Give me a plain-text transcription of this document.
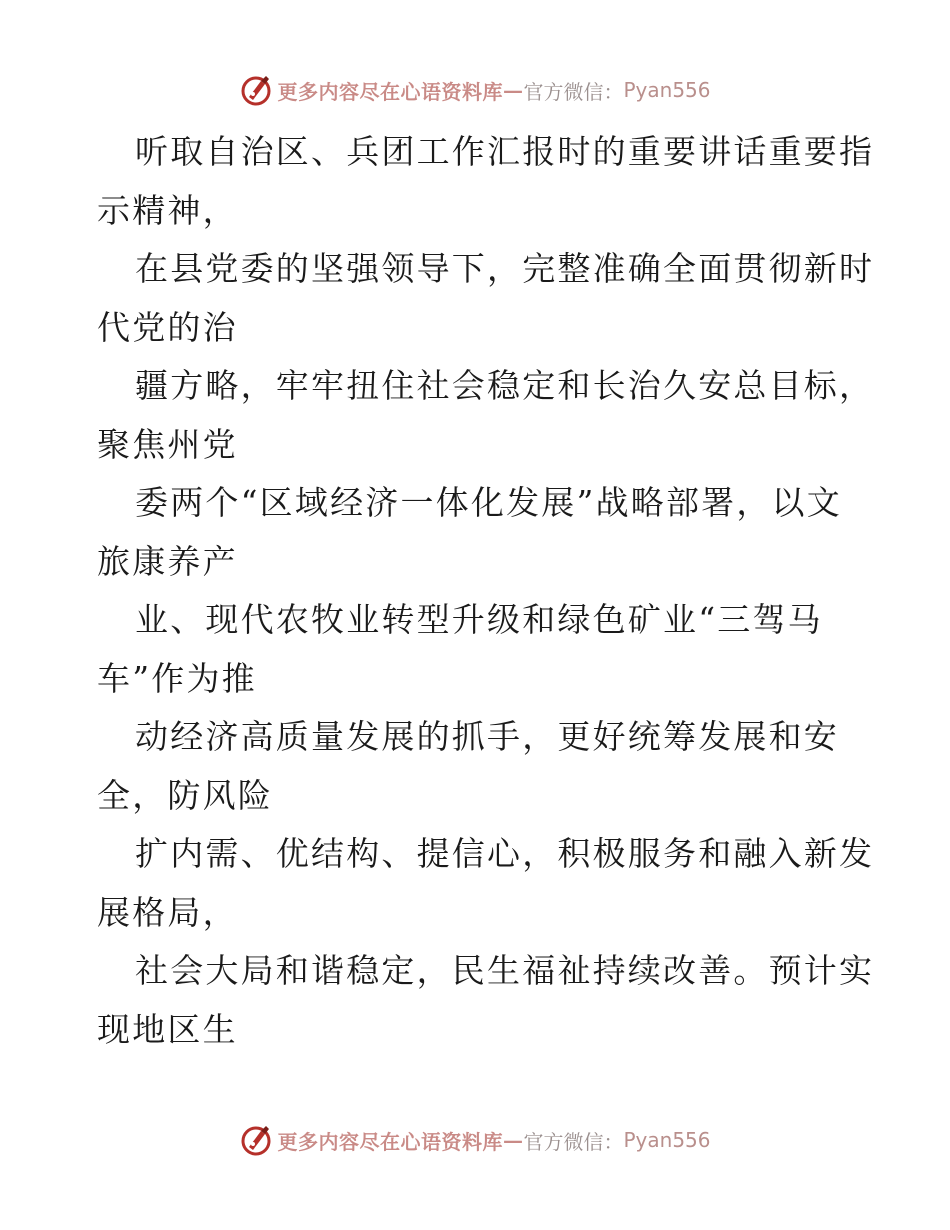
更多内容尽在心语资料库 — 官方微信： Pyan556

听取自治区、兵团工作汇报时的重要讲话重要指
示精神，

在县党委的坚强领导下，完整准确全面贯彻新时
代党的治

疆方略，牢牢扭住社会稳定和长治久安总目标，
聚焦州党

委两个“区域经济一体化发展”战略部署，以文
旅康养产

业、现代农牧业转型升级和绿色矿业“三驾马
车”作为推

动经济高质量发展的抓手，更好统筹发展和安
全，防风险

扩内需、优结构、提信心，积极服务和融入新发
展格局，

社会大局和谐稳定，民生福祉持续改善。预计实
现地区生

更多内容尽在心语资料库 — 官方微信： Pyan556
